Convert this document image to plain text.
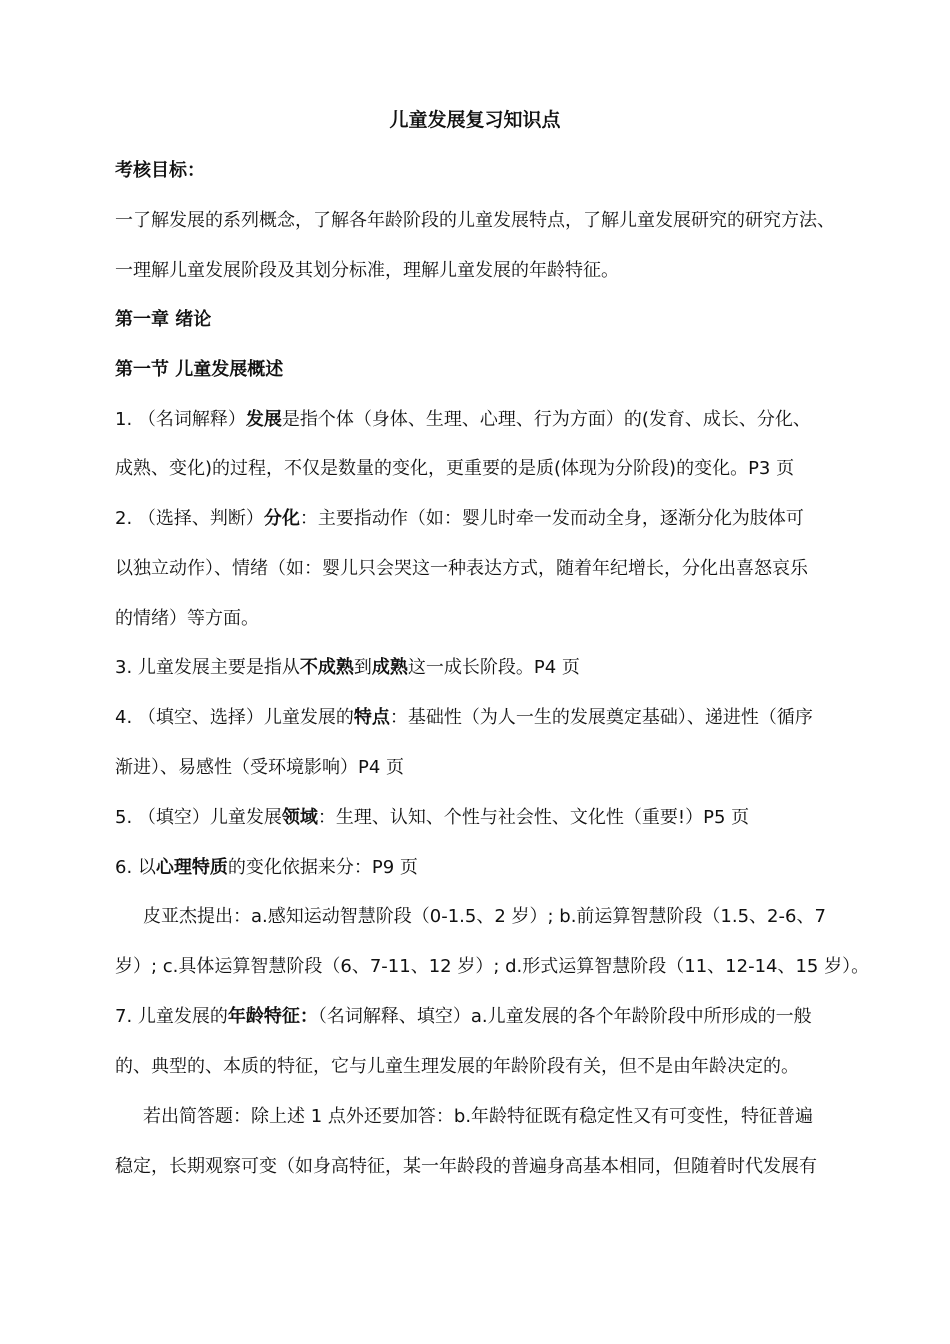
儿童发展复习知识点
考核目标：
一了解发展的系列概念，了解各年龄阶段的儿童发展特点，了解儿童发展研究的研究方法、
一理解儿童发展阶段及其划分标准，理解儿童发展的年龄特征。
第一章 绪论
第一节 儿童发展概述
1. （名词解释）发展是指个体（身体、生理、心理、行为方面）的(发育、成长、分化、
成熟、变化)的过程，不仅是数量的变化，更重要的是质(体现为分阶段)的变化。P3 页
2. （选择、判断）分化：主要指动作（如：婴儿时牵一发而动全身，逐渐分化为肢体可
以独立动作）、情绪（如：婴儿只会哭这一种表达方式，随着年纪增长，分化出喜怒哀乐
的情绪）等方面。
3. 儿童发展主要是指从不成熟到成熟这一成长阶段。P4 页
4. （填空、选择）儿童发展的特点：基础性（为人一生的发展奠定基础）、递进性（循序
渐进）、易感性（受环境影响）P4 页
5. （填空）儿童发展领域：生理、认知、个性与社会性、文化性（重要!）P5 页
6. 以心理特质的变化依据来分：P9 页
皮亚杰提出：a.感知运动智慧阶段（0-1.5、2 岁）; b.前运算智慧阶段（1.5、2-6、7
岁）; c.具体运算智慧阶段（6、7-11、12 岁）; d.形式运算智慧阶段（11、12-14、15 岁）。
7. 儿童发展的年龄特征：（名词解释、填空）a.儿童发展的各个年龄阶段中所形成的一般
的、典型的、本质的特征，它与儿童生理发展的年龄阶段有关，但不是由年龄决定的。
若出简答题：除上述 1 点外还要加答：b.年龄特征既有稳定性又有可变性，特征普遍
稳定，长期观察可变（如身高特征，某一年龄段的普遍身高基本相同，但随着时代发展有
